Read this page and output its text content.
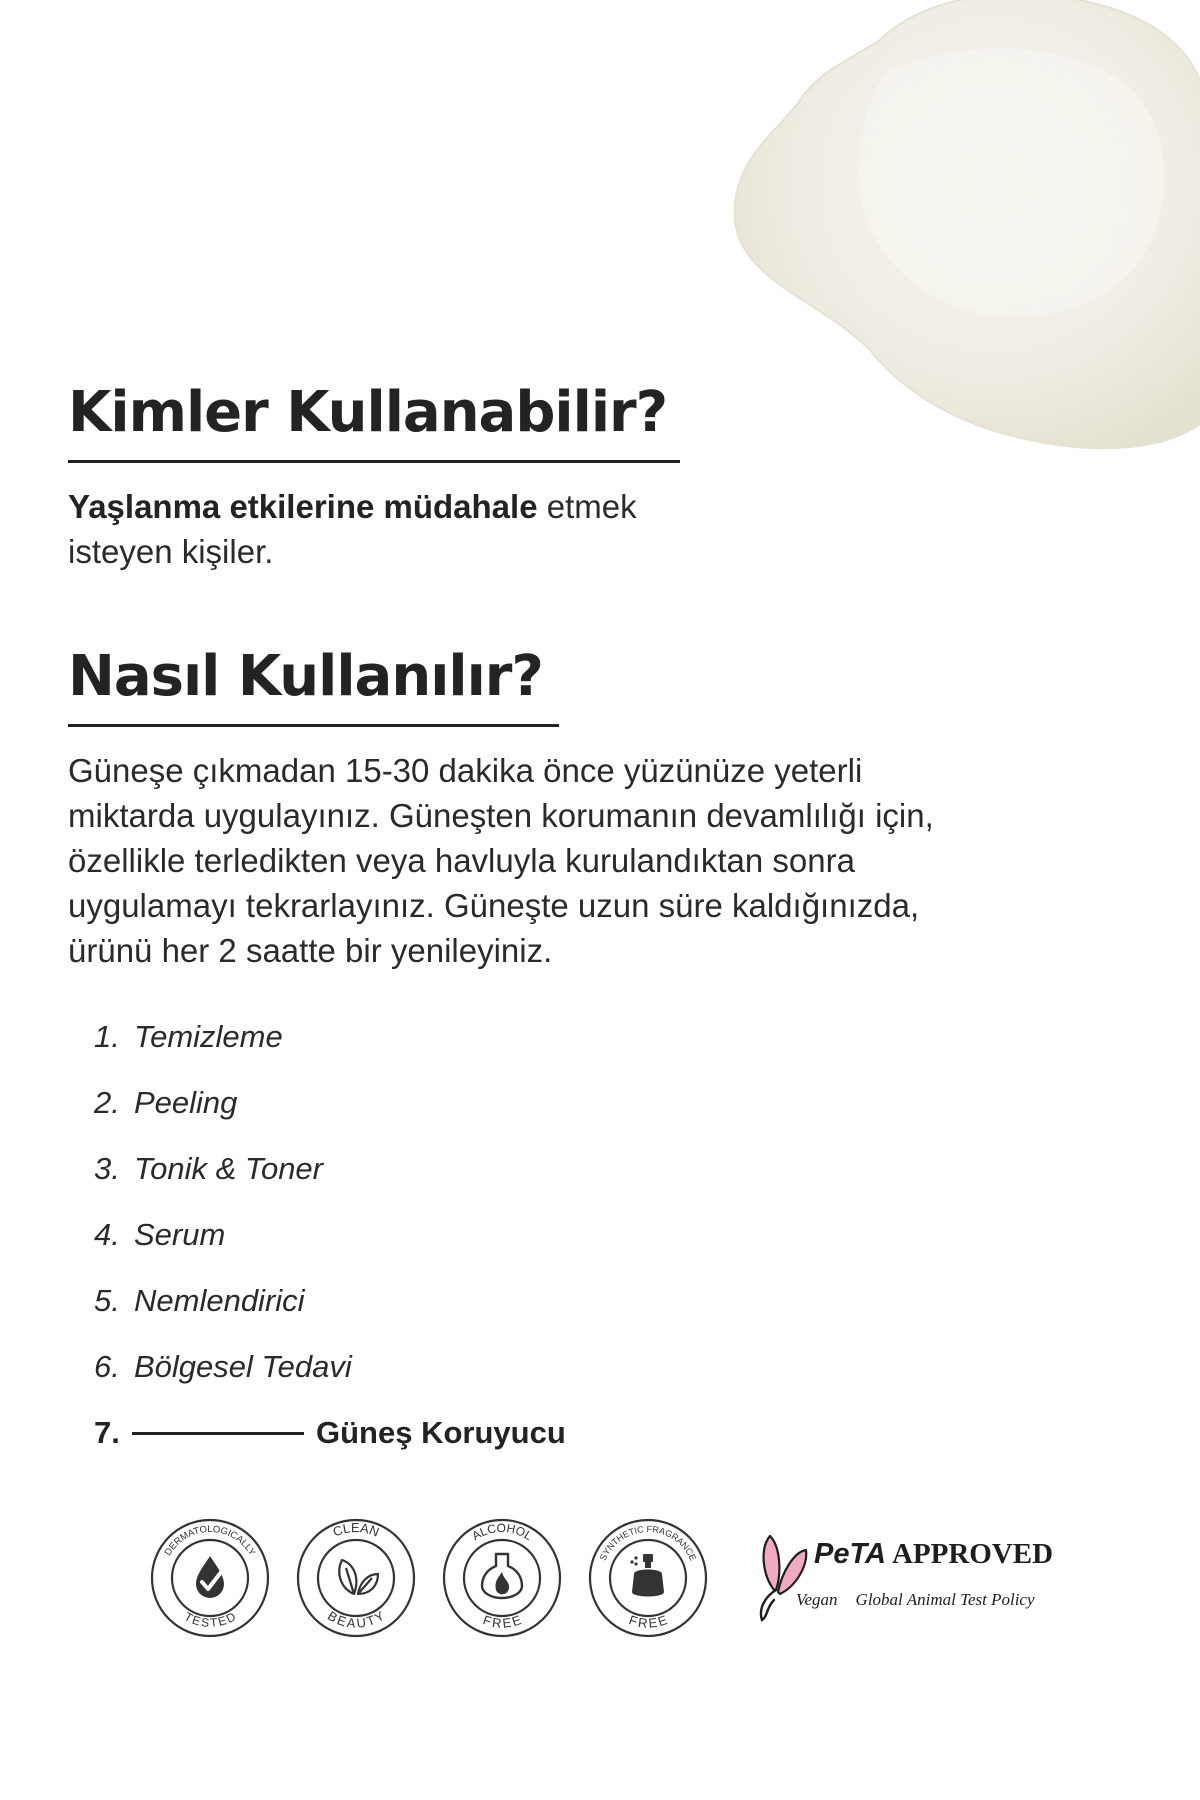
Kimler Kullanabilir?

Yaşlanma etkilerine müdahale etmek
isteyen kişiler.

Nasıl Kullanılır?

Güneşe çıkmadan 15-30 dakika önce yüzünüze yeterli
miktarda uygulayınız. Güneşten korumanın devamlılığı için,
özellikle terledikten veya havluyla kurulandıktan sonra
uygulamayı tekrarlayınız. Güneşte uzun süre kaldığınızda,
ürünü her 2 saatte bir yenileyiniz.

1. Temizleme
2. Peeling
3. Tonik & Toner
4. Serum
5. Nemlendirici
6. Bölgesel Tedavi
7.	Güneş Koruyucu
DERMATOLOGICALLY
TESTED
CLEAN
BEAUTY
ALCOHOL
FREE
SYNTHETIC FRAGRANCE
FREE
PeTA APPROVED
Vegan Global Animal Test Policy
